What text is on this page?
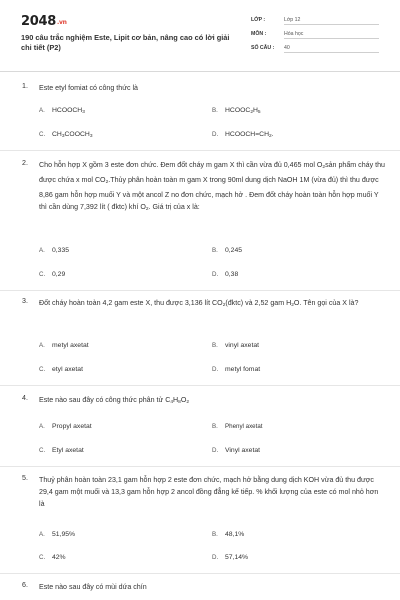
2048.vn
190 câu trắc nghiệm Este, Lipit cơ bản, nâng cao có lời giải chi tiết (P2)
LỚP :	Lớp 12
MÔN :	Hóa học
SỐ CÂU :	40
1. Este etyl fomiat có công thức là
A. $HCOOCH_3$	B. $HCOOC_2H_5$
C. $CH_3COOCH_3$	D. $HCOOCH=CH_2$.
2. Cho hỗn hợp X gồm 3 este đơn chức. Đem đốt cháy m gam X thì cần vừa đủ 0,465 mol $O_2sản$ phẩm cháy thu được chứa x mol $CO_2.Thủy$ phân hoàn toàn m gam X trong 90ml dung dịch NaOH 1M (vừa đủ) thì thu được 8,86 gam hỗn hợp muối Y và một ancol Z no đơn chức, mạch hở . Đem đốt cháy hoàn toàn hỗn hợp muối Y thì cần dùng 7,392 lít ( đktc) khí $O_2$. Giá trị của x là:
A. 0,335	B. 0,245
C. 0,29	D. 0,38
3. Đốt cháy hoàn toàn 4,2 gam este X, thu được 3,136 lít $CO_2(đktc)$ và 2,52 gam $H_2O$. Tên gọi của X là?
A. metyl axetat	B. vinyl axetat
C. etyl axetat	D. metyl fomat
4. Este nào sau đây có công thức phân tử $C_4H_8O_2$
A. Propyl axetat	B. Phenyl axetat
C. Etyl axetat	D. Vinyl axetat
5. Thuỷ phân hoàn toàn 23,1 gam hỗn hợp 2 este đơn chức, mạch hở bằng dung dịch KOH vừa đủ thu được 29,4 gam một muối và 13,3 gam hỗn hợp 2 ancol đồng đẳng kế tiếp. % khối lượng của este có mol nhỏ hơn là
A. 51,95%	B. 48,1%
C. 42%	D. 57,14%
6. Este nào sau đây có mùi dứa chín
